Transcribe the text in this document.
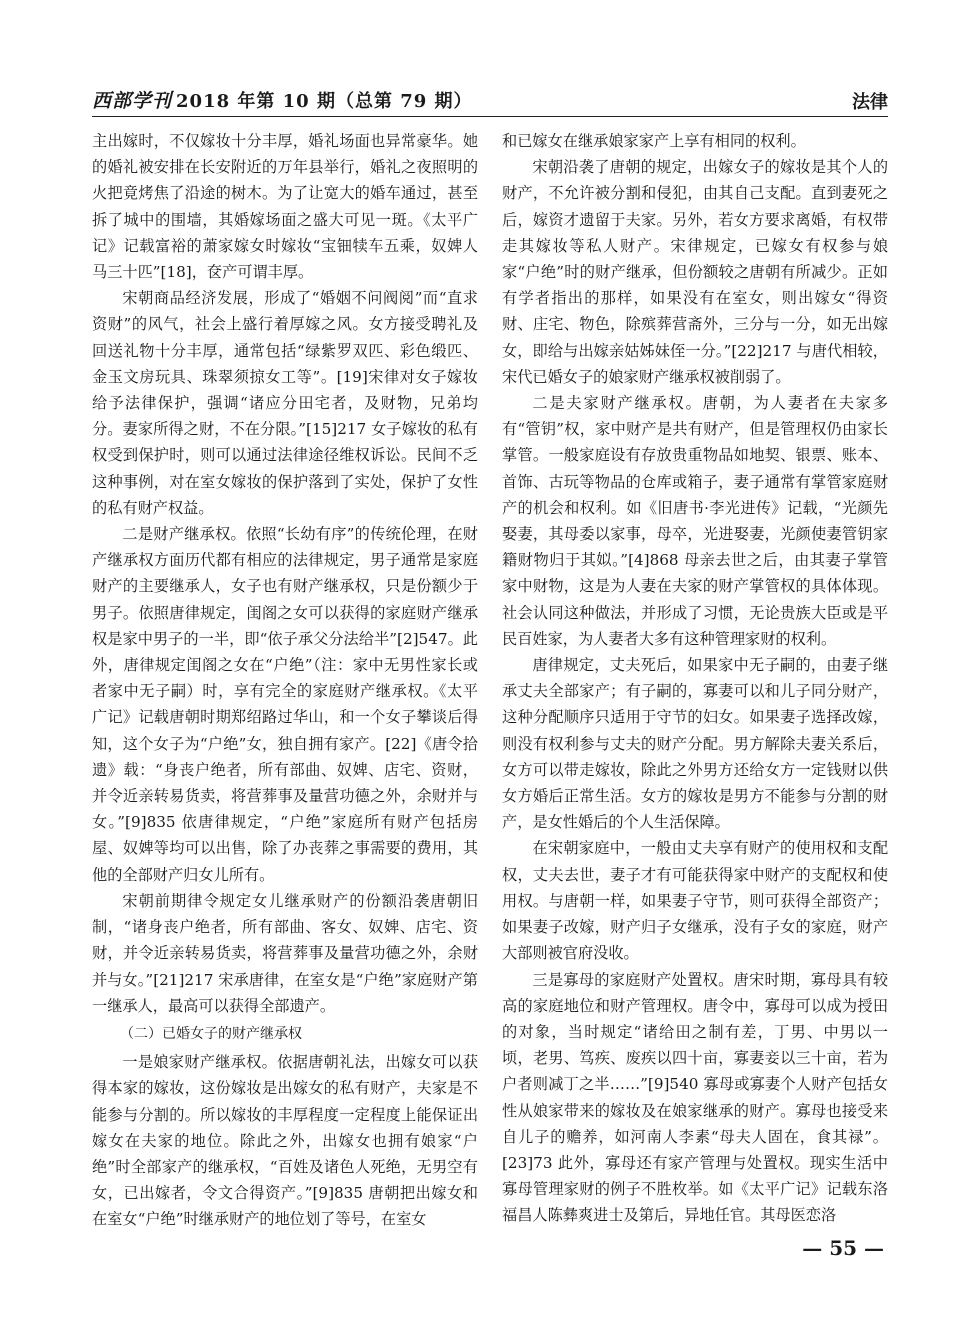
西部学刊 2018 年第 10 期（总第 79 期）	法律

主出嫁时，不仅嫁妆十分丰厚，婚礼场面也异常豪华。她的婚礼被安排在长安附近的万年县举行，婚礼之夜照明的火把竟烤焦了沿途的树木。为了让宽大的婚车通过，甚至拆了城中的围墙，其婚嫁场面之盛大可见一斑。《太平广记》记载富裕的萧家嫁女时嫁妆“宝钿犊车五乘，奴婢人马三十匹”[18]，奁产可谓丰厚。

宋朝商品经济发展，形成了“婚姻不问阀阅”而“直求资财”的风气，社会上盛行着厚嫁之风。女方接受聘礼及回送礼物十分丰厚，通常包括“绿紫罗双匹、彩色缎匹、金玉文房玩具、珠翠须掠女工等”。[19]宋律对女子嫁妆给予法律保护，强调“诸应分田宅者，及财物，兄弟均分。妻家所得之财，不在分限。”[15]217 女子嫁妆的私有权受到保护时，则可以通过法律途径维权诉讼。民间不乏这种事例，对在室女嫁妆的保护落到了实处，保护了女性的私有财产权益。

二是财产继承权。依照“长幼有序”的传统伦理，在财产继承权方面历代都有相应的法律规定，男子通常是家庭财产的主要继承人，女子也有财产继承权，只是份额少于男子。依照唐律规定，闺阁之女可以获得的家庭财产继承权是家中男子的一半，即“依子承父分法给半”[2]547。此外，唐律规定闺阁之女在“户绝”（注：家中无男性家长或者家中无子嗣）时，享有完全的家庭财产继承权。《太平广记》记载唐朝时期郑绍路过华山，和一个女子攀谈后得知，这个女子为“户绝”女，独自拥有家产。[22]《唐令拾遗》载：“身丧户绝者，所有部曲、奴婢、店宅、资财，并令近亲转易货卖，将营葬事及量营功德之外，余财并与女。”[9]835 依唐律规定，“户绝”家庭所有财产包括房屋、奴婢等均可以出售，除了办丧葬之事需要的费用，其他的全部财产归女儿所有。

宋朝前期律令规定女儿继承财产的份额沿袭唐朝旧制，“诸身丧户绝者，所有部曲、客女、奴婢、店宅、资财，并令近亲转易货卖，将营葬事及量营功德之外，余财并与女。”[21]217 宋承唐律，在室女是“户绝”家庭财产第一继承人，最高可以获得全部遗产。

（二）已婚女子的财产继承权

一是娘家财产继承权。依据唐朝礼法，出嫁女可以获得本家的嫁妆，这份嫁妆是出嫁女的私有财产，夫家是不能参与分割的。所以嫁妆的丰厚程度一定程度上能保证出嫁女在夫家的地位。除此之外，出嫁女也拥有娘家“户绝”时全部家产的继承权，“百姓及诸色人死绝，无男空有女，已出嫁者，令文合得资产。”[9]835 唐朝把出嫁女和在室女“户绝”时继承财产的地位划了等号，在室女

和已嫁女在继承娘家家产上享有相同的权利。

宋朝沿袭了唐朝的规定，出嫁女子的嫁妆是其个人的财产，不允许被分割和侵犯，由其自己支配。直到妻死之后，嫁资才遗留于夫家。另外，若女方要求离婚，有权带走其嫁妆等私人财产。宋律规定，已嫁女有权参与娘家“户绝”时的财产继承，但份额较之唐朝有所减少。正如有学者指出的那样，如果没有在室女，则出嫁女“得资财、庄宅、物色，除殡葬营斋外，三分与一分，如无出嫁女，即给与出嫁亲姑姊妹侄一分。”[22]217 与唐代相较，宋代已婚女子的娘家财产继承权被削弱了。

二是夫家财产继承权。唐朝，为人妻者在夫家多有“管钥”权，家中财产是共有财产，但是管理权仍由家长掌管。一般家庭设有存放贵重物品如地契、银票、账本、首饰、古玩等物品的仓库或箱子，妻子通常有掌管家庭财产的机会和权利。如《旧唐书·李光进传》记载，“光颜先娶妻，其母委以家事，母卒，光进娶妻，光颜使妻管钥家籍财物归于其姒。”[4]868 母亲去世之后，由其妻子掌管家中财物，这是为人妻在夫家的财产掌管权的具体体现。社会认同这种做法，并形成了习惯，无论贵族大臣或是平民百姓家，为人妻者大多有这种管理家财的权利。

唐律规定，丈夫死后，如果家中无子嗣的，由妻子继承丈夫全部家产；有子嗣的，寡妻可以和儿子同分财产，这种分配顺序只适用于守节的妇女。如果妻子选择改嫁，则没有权利参与丈夫的财产分配。男方解除夫妻关系后，女方可以带走嫁妆，除此之外男方还给女方一定钱财以供女方婚后正常生活。女方的嫁妆是男方不能参与分割的财产，是女性婚后的个人生活保障。

在宋朝家庭中，一般由丈夫享有财产的使用权和支配权，丈夫去世，妻子才有可能获得家中财产的支配权和使用权。与唐朝一样，如果妻子守节，则可获得全部资产；如果妻子改嫁，财产归子女继承，没有子女的家庭，财产大部则被官府没收。

三是寡母的家庭财产处置权。唐宋时期，寡母具有较高的家庭地位和财产管理权。唐令中，寡母可以成为授田的对象，当时规定“诸给田之制有差，丁男、中男以一顷，老男、笃疾、废疾以四十亩，寡妻妾以三十亩，若为户者则减丁之半……”[9]540 寡母或寡妻个人财产包括女性从娘家带来的嫁妆及在娘家继承的财产。寡母也接受来自儿子的赡养，如河南人李素“母夫人固在，食其禄”。[23]73 此外，寡母还有家产管理与处置权。现实生活中寡母管理家财的例子不胜枚举。如《太平广记》记载东洛福昌人陈彝爽进士及第后，异地任官。其母医恋洛

— 55 —
